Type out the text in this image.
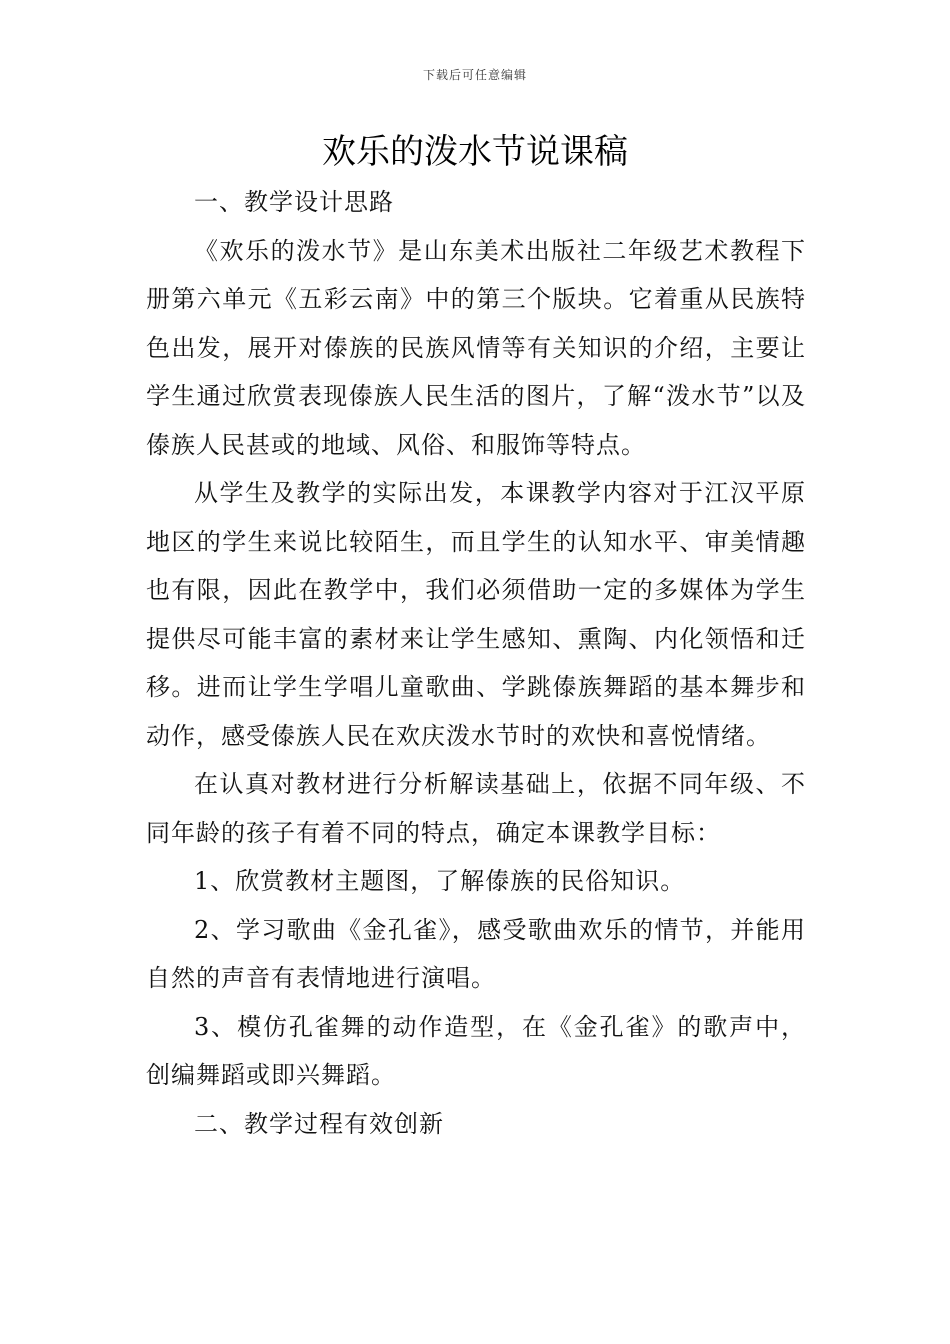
下载后可任意编辑
欢乐的泼水节说课稿

一、教学设计思路

《欢乐的泼水节》是山东美术出版社二年级艺术教程下册第六单元《五彩云南》中的第三个版块。它着重从民族特色出发，展开对傣族的民族风情等有关知识的介绍，主要让学生通过欣赏表现傣族人民生活的图片，了解“泼水节”以及傣族人民甚或的地域、风俗、和服饰等特点。

从学生及教学的实际出发，本课教学内容对于江汉平原地区的学生来说比较陌生，而且学生的认知水平、审美情趣也有限，因此在教学中，我们必须借助一定的多媒体为学生提供尽可能丰富的素材来让学生感知、熏陶、内化领悟和迁移。进而让学生学唱儿童歌曲、学跳傣族舞蹈的基本舞步和动作，感受傣族人民在欢庆泼水节时的欢快和喜悦情绪。

在认真对教材进行分析解读基础上，依据不同年级、不同年龄的孩子有着不同的特点，确定本课教学目标：

1、欣赏教材主题图，了解傣族的民俗知识。

2、学习歌曲《金孔雀》，感受歌曲欢乐的情节，并能用自然的声音有表情地进行演唱。

3、模仿孔雀舞的动作造型，在《金孔雀》的歌声中，创编舞蹈或即兴舞蹈。

二、教学过程有效创新
